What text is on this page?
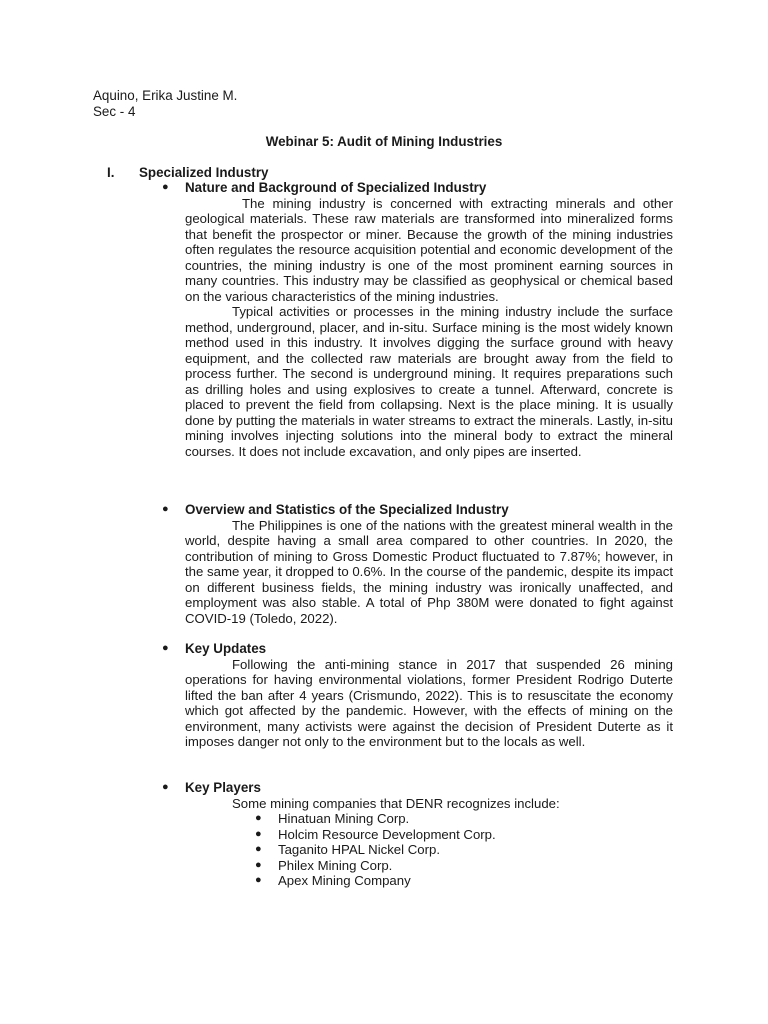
Aquino, Erika Justine M.
Sec - 4
Webinar 5: Audit of Mining Industries
I. Specialized Industry
● Nature and Background of Specialized Industry

The mining industry is concerned with extracting minerals and other geological materials. These raw materials are transformed into mineralized forms that benefit the prospector or miner. Because the growth of the mining industries often regulates the resource acquisition potential and economic development of the countries, the mining industry is one of the most prominent earning sources in many countries. This industry may be classified as geophysical or chemical based on the various characteristics of the mining industries.

Typical activities or processes in the mining industry include the surface method, underground, placer, and in-situ. Surface mining is the most widely known method used in this industry. It involves digging the surface ground with heavy equipment, and the collected raw materials are brought away from the field to process further. The second is underground mining. It requires preparations such as drilling holes and using explosives to create a tunnel. Afterward, concrete is placed to prevent the field from collapsing. Next is the place mining. It is usually done by putting the materials in water streams to extract the minerals. Lastly, in-situ mining involves injecting solutions into the mineral body to extract the mineral courses. It does not include excavation, and only pipes are inserted.

● Overview and Statistics of the Specialized Industry

The Philippines is one of the nations with the greatest mineral wealth in the world, despite having a small area compared to other countries. In 2020, the contribution of mining to Gross Domestic Product fluctuated to 7.87%; however, in the same year, it dropped to 0.6%. In the course of the pandemic, despite its impact on different business fields, the mining industry was ironically unaffected, and employment was also stable. A total of Php 380M were donated to fight against COVID-19 (Toledo, 2022).

● Key Updates

Following the anti-mining stance in 2017 that suspended 26 mining operations for having environmental violations, former President Rodrigo Duterte lifted the ban after 4 years (Crismundo, 2022). This is to resuscitate the economy which got affected by the pandemic. However, with the effects of mining on the environment, many activists were against the decision of President Duterte as it imposes danger not only to the environment but to the locals as well.

● Key Players

Some mining companies that DENR recognizes include:

● Hinatuan Mining Corp.
● Holcim Resource Development Corp.
● Taganito HPAL Nickel Corp.
● Philex Mining Corp.
● Apex Mining Company
